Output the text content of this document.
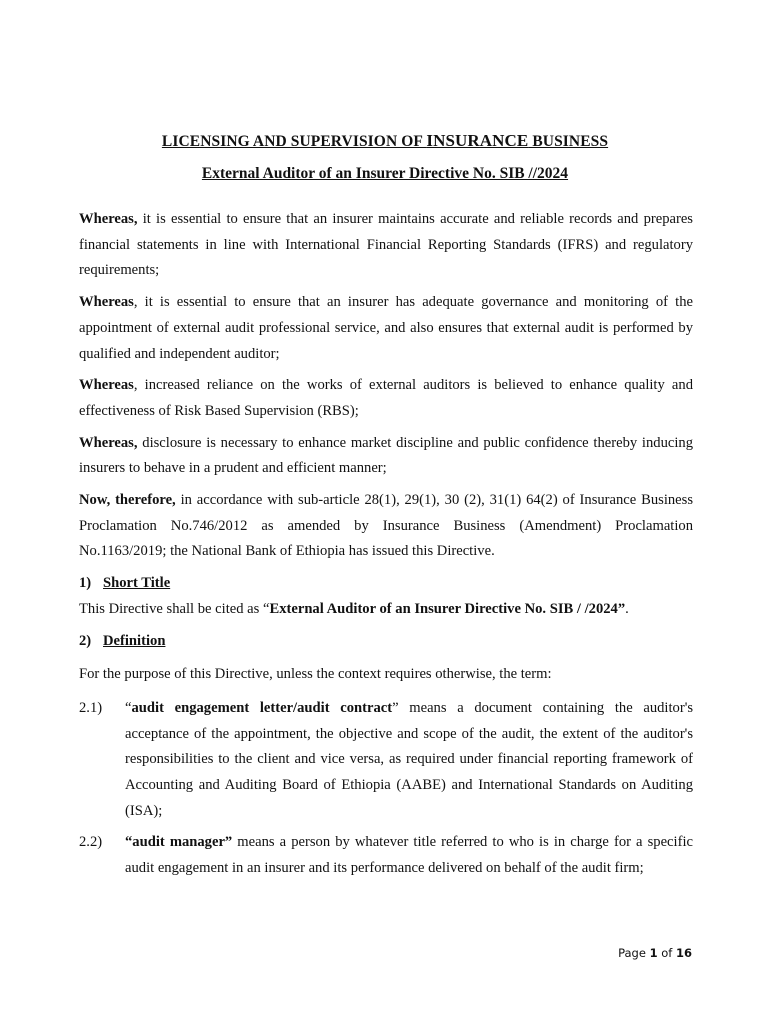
LICENSING AND SUPERVISION OF INSURANCE BUSINESS
External Auditor of an Insurer Directive No. SIB //2024

Whereas, it is essential to ensure that an insurer maintains accurate and reliable records and prepares financial statements in line with International Financial Reporting Standards (IFRS) and regulatory requirements;

Whereas, it is essential to ensure that an insurer has adequate governance and monitoring of the appointment of external audit professional service, and also ensures that external audit is performed by qualified and independent auditor;

Whereas, increased reliance on the works of external auditors is believed to enhance quality and effectiveness of Risk Based Supervision (RBS);

Whereas, disclosure is necessary to enhance market discipline and public confidence thereby inducing insurers to behave in a prudent and efficient manner;

Now, therefore, in accordance with sub-article 28(1), 29(1), 30 (2), 31(1) 64(2) of Insurance Business Proclamation No.746/2012 as amended by Insurance Business (Amendment) Proclamation No.1163/2019; the National Bank of Ethiopia has issued this Directive.

1) Short Title

This Directive shall be cited as “External Auditor of an Insurer Directive No. SIB / /2024”.

2) Definition

For the purpose of this Directive, unless the context requires otherwise, the term:

2.1) “audit engagement letter/audit contract” means a document containing the auditor's acceptance of the appointment, the objective and scope of the audit, the extent of the auditor's responsibilities to the client and vice versa, as required under financial reporting framework of Accounting and Auditing Board of Ethiopia (AABE) and International Standards on Auditing (ISA);

2.2) “audit manager” means a person by whatever title referred to who is in charge for a specific audit engagement in an insurer and its performance delivered on behalf of the audit firm;

Page 1 of 16
